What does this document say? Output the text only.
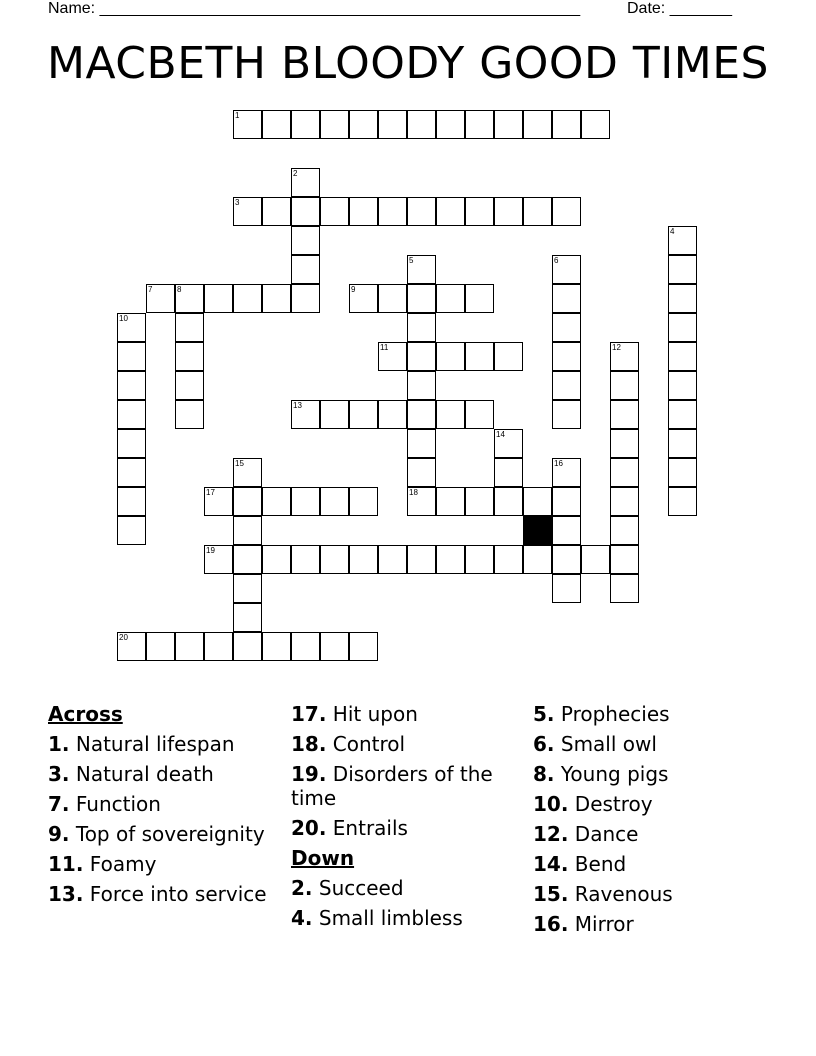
Name: ______________________________________________________	Date: _______
MACBETH BLOODY GOOD TIMES
1
2
3
4
5	6
7	8	9
10
11	12
13
14
15	16
17	18
19
20
Across
1. Natural lifespan
3. Natural death
7. Function
9. Top of sovereignity
11. Foamy
13. Force into service
17. Hit upon
18. Control
19. Disorders of the time
20. Entrails
Down
2. Succeed
4. Small limbless
5. Prophecies
6. Small owl
8. Young pigs
10. Destroy
12. Dance
14. Bend
15. Ravenous
16. Mirror
